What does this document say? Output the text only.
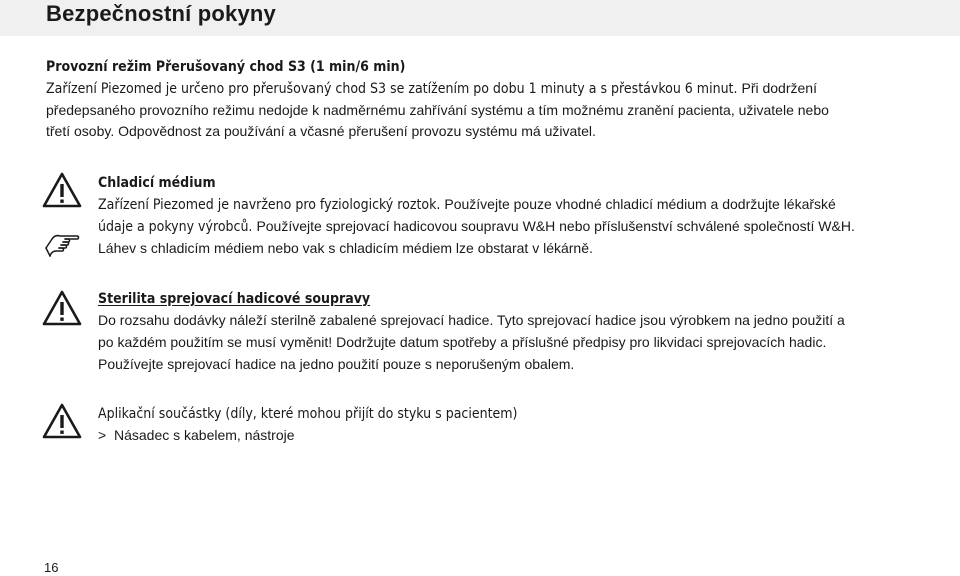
Bezpečnostní pokyny

Provozní režim Přerušovaný chod S3 (1 min/6 min)

Zařízení Piezomed je určeno pro přerušovaný chod S3 se zatížením po dobu 1 minuty a s přestávkou 6 minut. Při dodržení

předepsaného provozního režimu nedojde k nadměrnému zahřívání systému a tím možnému zranění pacienta, uživatele nebo

třetí osoby. Odpovědnost za používání a včasné přerušení provozu systému má uživatel.

Chladicí médium

Zařízení Piezomed je navrženo pro fyziologický roztok. Používejte pouze vhodné chladicí médium a dodržujte lékařské

údaje a pokyny výrobců. Používejte sprejovací hadicovou soupravu W&H nebo příslušenství schválené společností W&H.

Láhev s chladicím médiem nebo vak s chladicím médiem lze obstarat v lékárně.

Sterilita sprejovací hadicové soupravy

Do rozsahu dodávky náleží sterilně zabalené sprejovací hadice. Tyto sprejovací hadice jsou výrobkem na jedno použití a

po každém použitím se musí vyměnit! Dodržujte datum spotřeby a příslušné předpisy pro likvidaci sprejovacích hadic.

Používejte sprejovací hadice na jedno použití pouze s neporušeným obalem.

Aplikační součástky (díly, které mohou přijít do styku s pacientem)

> Násadec s kabelem, nástroje

16
